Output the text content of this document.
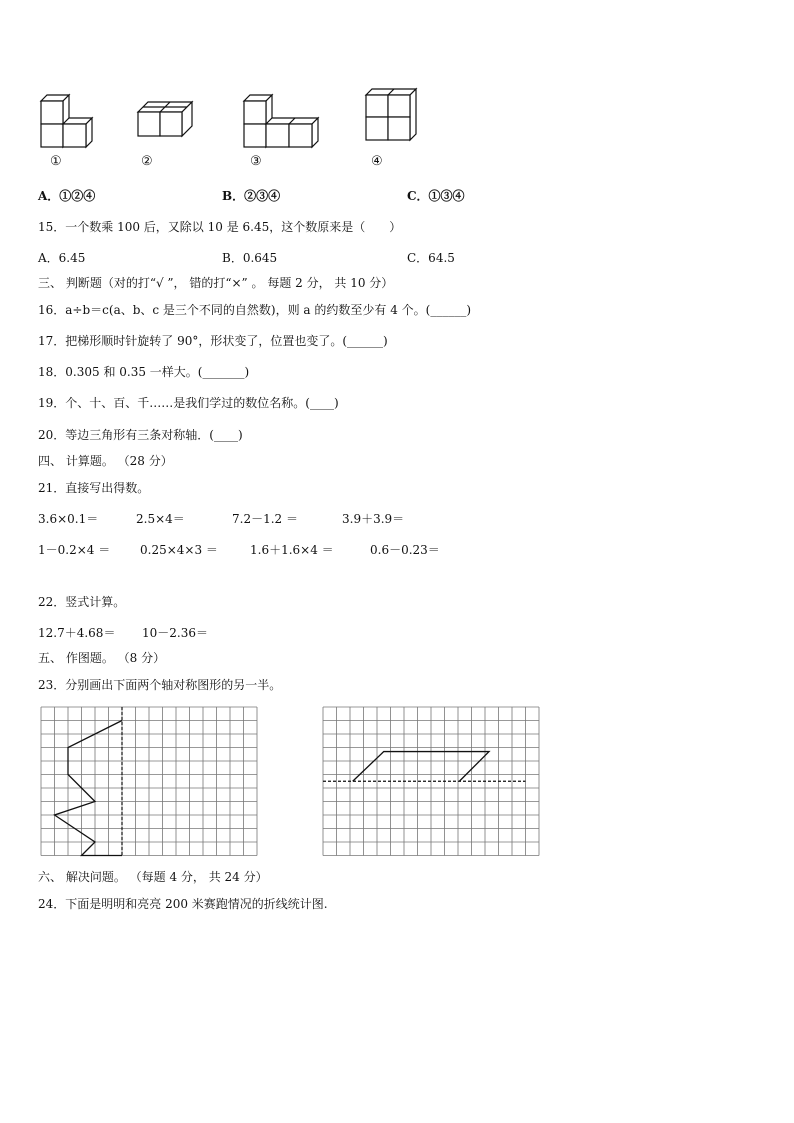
①	②	③	④
A．①②④	B．②③④	C．①③④
15．一个数乘 100 后，又除以 10 是 6.45，这个数原来是（　　）
A．6.45	B．0.645	C．64.5
三、 判断题（对的打“√ ”， 错的打“×” 。 每题 2 分， 共 10 分）
16．a÷b＝c(a、b、c 是三个不同的自然数)，则 a 的约数至少有 4 个。(______)
17．把梯形顺时针旋转了 90°，形状变了，位置也变了。(______)
18．0.305 和 0.35 一样大。(_______)
19．个、十、百、千……是我们学过的数位名称。(____)
20．等边三角形有三条对称轴．(____)
四、 计算题。 （28 分）
21．直接写出得数。
3.6×0.1＝	2.5×4＝	7.2－1.2 ＝	3.9＋3.9＝
1－0.2×4 ＝ 0.25×4×3 ＝	1.6＋1.6×4 ＝	0.6－0.23＝
22．竖式计算。
12.7＋4.68＝ 10－2.36＝
五、 作图题。 （8 分）
23．分别画出下面两个轴对称图形的另一半。
六、 解决问题。 （每题 4 分， 共 24 分）
24．下面是明明和亮亮 200 米赛跑情况的折线统计图.
